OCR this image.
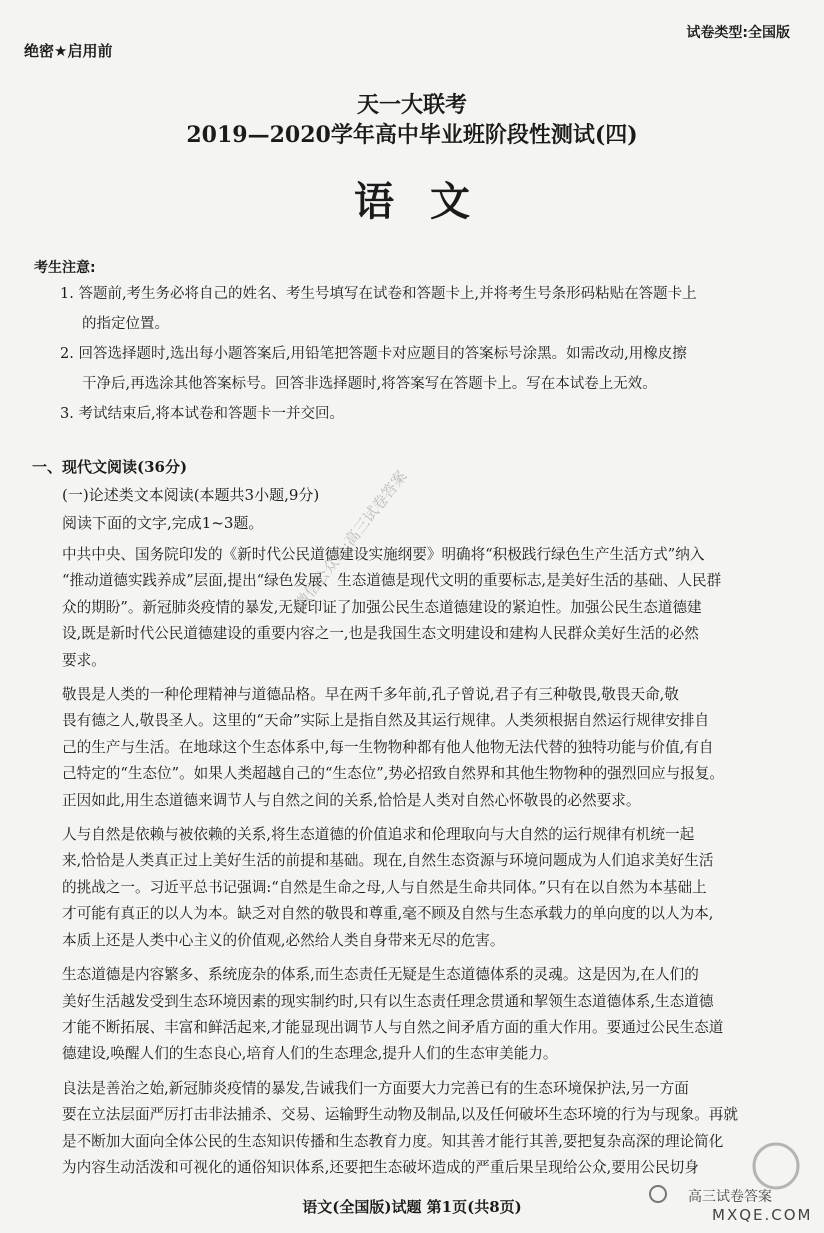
绝密★启用前
试卷类型:全国版
天一大联考
2019—2020学年高中毕业班阶段性测试(四)
语文
考生注意:
1. 答题前,考生务必将自己的姓名、考生号填写在试卷和答题卡上,并将考生号条形码粘贴在答题卡上
的指定位置。
2. 回答选择题时,选出每小题答案后,用铅笔把答题卡对应题目的答案标号涂黑。如需改动,用橡皮擦
干净后,再选涂其他答案标号。回答非选择题时,将答案写在答题卡上。写在本试卷上无效。
3. 考试结束后,将本试卷和答题卡一并交回。
一、现代文阅读(36分)
(一)论述类文本阅读(本题共3小题,9分)
阅读下面的文字,完成1~3题。
中共中央、国务院印发的《新时代公民道德建设实施纲要》明确将“积极践行绿色生产生活方式”纳入
“推动道德实践养成”层面,提出“绿色发展、生态道德是现代文明的重要标志,是美好生活的基础、人民群
众的期盼”。新冠肺炎疫情的暴发,无疑印证了加强公民生态道德建设的紧迫性。加强公民生态道德建
设,既是新时代公民道德建设的重要内容之一,也是我国生态文明建设和建构人民群众美好生活的必然
要求。
敬畏是人类的一种伦理精神与道德品格。早在两千多年前,孔子曾说,君子有三种敬畏,敬畏天命,敬
畏有德之人,敬畏圣人。这里的“天命”实际上是指自然及其运行规律。人类须根据自然运行规律安排自
己的生产与生活。在地球这个生态体系中,每一生物物种都有他人他物无法代替的独特功能与价值,有自
己特定的“生态位”。如果人类超越自己的“生态位”,势必招致自然界和其他生物物种的强烈回应与报复。
正因如此,用生态道德来调节人与自然之间的关系,恰恰是人类对自然心怀敬畏的必然要求。
人与自然是依赖与被依赖的关系,将生态道德的价值追求和伦理取向与大自然的运行规律有机统一起
来,恰恰是人类真正过上美好生活的前提和基础。现在,自然生态资源与环境问题成为人们追求美好生活
的挑战之一。习近平总书记强调:“自然是生命之母,人与自然是生命共同体。”只有在以自然为本基础上
才可能有真正的以人为本。缺乏对自然的敬畏和尊重,毫不顾及自然与生态承载力的单向度的以人为本,
本质上还是人类中心主义的价值观,必然给人类自身带来无尽的危害。
生态道德是内容繁多、系统庞杂的体系,而生态责任无疑是生态道德体系的灵魂。这是因为,在人们的
美好生活越发受到生态环境因素的现实制约时,只有以生态责任理念贯通和挈领生态道德体系,生态道德
才能不断拓展、丰富和鲜活起来,才能显现出调节人与自然之间矛盾方面的重大作用。要通过公民生态道
德建设,唤醒人们的生态良心,培育人们的生态理念,提升人们的生态审美能力。
良法是善治之始,新冠肺炎疫情的暴发,告诫我们一方面要大力完善已有的生态环境保护法,另一方面
要在立法层面严厉打击非法捕杀、交易、运输野生动物及制品,以及任何破坏生态环境的行为与现象。再就
是不断加大面向全体公民的生态知识传播和生态教育力度。知其善才能行其善,要把复杂高深的理论简化
为内容生动活泼和可视化的通俗知识体系,还要把生态破坏造成的严重后果呈现给公众,要用公民切身
微信公众号:高三试卷答案
高三试卷答案
MXQE.COM
语文(全国版)试题 第1页(共8页)
